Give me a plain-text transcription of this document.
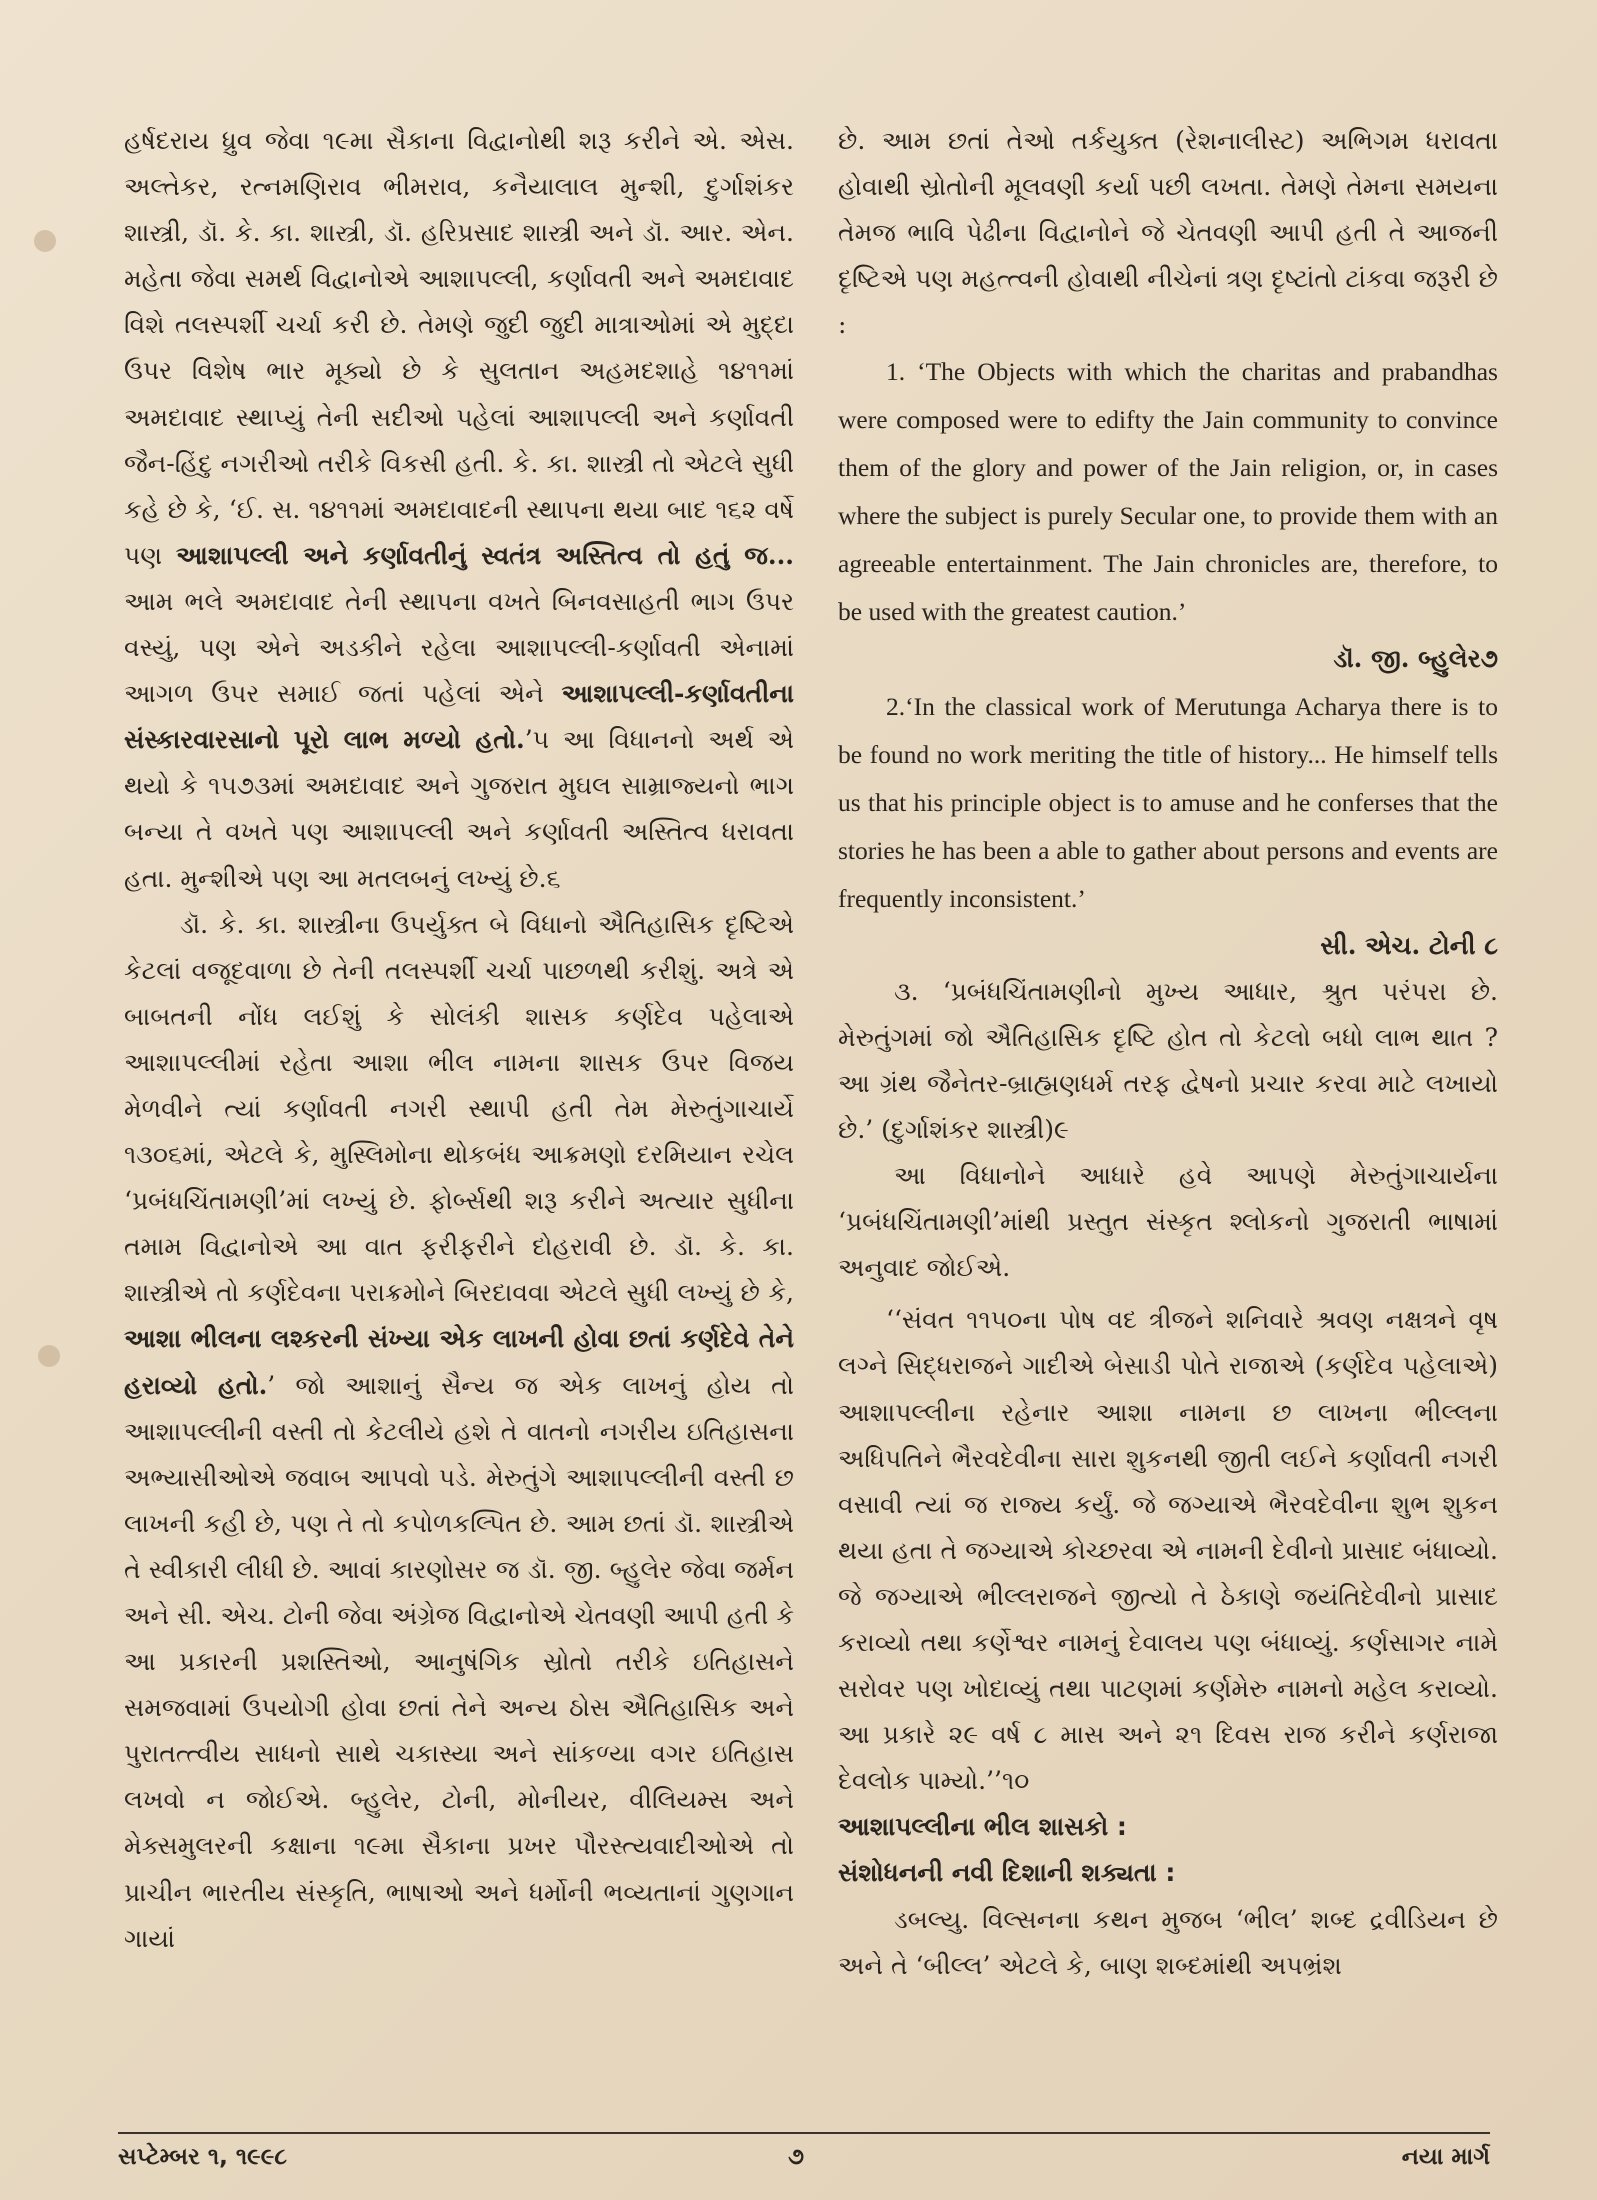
હર્ષદરાય ધ્રુવ જેવા ૧૯મા સૈકાના વિદ્વાનોથી શરૂ કરીને એ. એસ. અલ્તેકર, રત્નમણિરાવ ભીમરાવ, કનૈયાલાલ મુન્શી, દુર્ગાશંકર શાસ્ત્રી, ડૉ. કે. કા. શાસ્ત્રી, ડૉ. હરિપ્રસાદ શાસ્ત્રી અને ડૉ. આર. એન. મહેતા જેવા સમર્થ વિદ્વાનોએ આશાપલ્લી, કર્ણાવતી અને અમદાવાદ વિશે તલસ્પર્શી ચર્ચા કરી છે. તેમણે જુદી જુદી માત્રાઓમાં એ મુદ્દા ઉપર વિશેષ ભાર મૂક્યો છે કે સુલતાન અહમદશાહે ૧૪૧૧માં અમદાવાદ સ્થાપ્યું તેની સદીઓ પહેલાં આશાપલ્લી અને કર્ણાવતી જૈન-હિંદુ નગરીઓ તરીકે વિકસી હતી. કે. કા. શાસ્ત્રી તો એટલે સુધી કહે છે કે, ‘ઈ. સ. ૧૪૧૧માં અમદાવાદની સ્થાપના થયા બાદ ૧૬૨ વર્ષે પણ આશાપલ્લી અને કર્ણાવતીનું સ્વતંત્ર અસ્તિત્વ તો હતું જ... આમ ભલે અમદાવાદ તેની સ્થાપના વખતે બિનવસાહતી ભાગ ઉપર વસ્યું, પણ એને અડકીને રહેલા આશાપલ્લી-કર્ણાવતી એનામાં આગળ ઉપર સમાઈ જતાં પહેલાં એને આશાપલ્લી-કર્ણાવતીના સંસ્કારવારસાનો પૂરો લાભ મળ્યો હતો.’૫ આ વિધાનનો અર્થ એ થયો કે ૧૫૭૩માં અમદાવાદ અને ગુજરાત મુઘલ સામ્રાજ્યનો ભાગ બન્યા તે વખતે પણ આશાપલ્લી અને કર્ણાવતી અસ્તિત્વ ધરાવતા હતા. મુન્શીએ પણ આ મતલબનું લખ્યું છે.૬

ડૉ. કે. કા. શાસ્ત્રીના ઉપર્યુક્ત બે વિધાનો ઐતિહાસિક દૃષ્ટિએ કેટલાં વજૂદવાળા છે તેની તલસ્પર્શી ચર્ચા પાછળથી કરીશું. અત્રે એ બાબતની નોંધ લઈશું કે સોલંકી શાસક કર્ણદેવ પહેલાએ આશાપલ્લીમાં રહેતા આશા ભીલ નામના શાસક ઉપર વિજય મેળવીને ત્યાં કર્ણાવતી નગરી સ્થાપી હતી તેમ મેરુતુંગાચાર્યે ૧૩૦૬માં, એટલે કે, મુસ્લિમોના થોકબંધ આક્રમણો દરમિયાન રચેલ ‘પ્રબંધચિંતામણી’માં લખ્યું છે. ફોર્બ્સથી શરૂ કરીને અત્યાર સુધીના તમામ વિદ્વાનોએ આ વાત ફરીફરીને દોહરાવી છે. ડૉ. કે. કા. શાસ્ત્રીએ તો કર્ણદેવના પરાક્રમોને બિરદાવવા એટલે સુધી લખ્યું છે કે, આશા ભીલના લશ્કરની સંખ્યા એક લાખની હોવા છતાં કર્ણદેવે તેને હરાવ્યો હતો.’ જો આશાનું સૈન્ય જ એક લાખનું હોય તો આશાપલ્લીની વસ્તી તો કેટલીયે હશે તે વાતનો નગરીય ઇતિહાસના અભ્યાસીઓએ જવાબ આપવો પડે. મેરુતુંગે આશાપલ્લીની વસ્તી છ લાખની કહી છે, પણ તે તો કપોળકલ્પિત છે. આમ છતાં ડૉ. શાસ્ત્રીએ તે સ્વીકારી લીધી છે. આવાં કારણોસર જ ડૉ. જી. બ્હુલેર જેવા જર્મન અને સી. એચ. ટોની જેવા અંગ્રેજ વિદ્વાનોએ ચેતવણી આપી હતી કે આ પ્રકારની પ્રશસ્તિઓ, આનુષંગિક સ્રોતો તરીકે ઇતિહાસને સમજવામાં ઉપયોગી હોવા છતાં તેને અન્ય ઠોસ ઐતિહાસિક અને પુરાતત્ત્વીય સાધનો સાથે ચકાસ્યા અને સાંકળ્યા વગર ઇતિહાસ લખવો ન જોઈએ. બ્હુલેર, ટોની, મોનીયર, વીલિયમ્સ અને મેક્સમુલરની કક્ષાના ૧૯મા સૈકાના પ્રખર પૌરસ્ત્યવાદીઓએ તો પ્રાચીન ભારતીય સંસ્કૃતિ, ભાષાઓ અને ધર્મોની ભવ્યતાનાં ગુણગાન ગાયાં

છે. આમ છતાં તેઓ તર્કયુક્ત (રેશનાલીસ્ટ) અભિગમ ધરાવતા હોવાથી સ્રોતોની મૂલવણી કર્યા પછી લખતા. તેમણે તેમના સમયના તેમજ ભાવિ પેઢીના વિદ્વાનોને જે ચેતવણી આપી હતી તે આજની દૃષ્ટિએ પણ મહત્ત્વની હોવાથી નીચેનાં ત્રણ દૃષ્ટાંતો ટાંકવા જરૂરી છે :

1. ‘The Objects with which the charitas and prabandhas were composed were to edifty the Jain community to convince them of the glory and power of the Jain religion, or, in cases where the subject is purely Secular one, to provide them with an agreeable entertainment. The Jain chronicles are, therefore, to be used with the greatest caution.’

ડૉ. જી. બ્હુલેર૭

2.‘In the classical work of Merutunga Acharya there is to be found no work meriting the title of history... He himself tells us that his principle object is to amuse and he conferses that the stories he has been a able to gather about persons and events are frequently inconsistent.’

સી. એચ. ટોની ૮

૩. ‘પ્રબંધચિંતામણીનો મુખ્ય આધાર, શ્રુત પરંપરા છે. મેરુતુંગમાં જો ઐતિહાસિક દૃષ્ટિ હોત તો કેટલો બધો લાભ થાત ? આ ગ્રંથ જૈનેતર-બ્રાહ્મણધર્મ તરફ દ્વેષનો પ્રચાર કરવા માટે લખાયો છે.’ (દુર્ગાશંકર શાસ્ત્રી)૯

આ વિધાનોને આધારે હવે આપણે મેરુતુંગાચાર્યના ‘પ્રબંધચિંતામણી’માંથી પ્રસ્તુત સંસ્કૃત શ્લોકનો ગુજરાતી ભાષામાં અનુવાદ જોઈએ.

‘‘સંવત ૧૧૫૦ના પોષ વદ ત્રીજને શનિવારે શ્રવણ નક્ષત્રને વૃષ લગ્ને સિદ્ધરાજને ગાદીએ બેસાડી પોતે રાજાએ (કર્ણદેવ પહેલાએ) આશાપલ્લીના રહેનાર આશા નામના છ લાખના ભીલ્લના અધિપતિને ભૈરવદેવીના સારા શુકનથી જીતી લઈને કર્ણાવતી નગરી વસાવી ત્યાં જ રાજ્ય કર્યું. જે જગ્યાએ ભૈરવદેવીના શુભ શુકન થયા હતા તે જગ્યાએ કોચ્છરવા એ નામની દેવીનો પ્રાસાદ બંધાવ્યો. જે જગ્યાએ ભીલ્લરાજને જીત્યો તે ઠેકાણે જયંતિદેવીનો પ્રાસાદ કરાવ્યો તથા કર્ણેશ્વર નામનું દેવાલય પણ બંધાવ્યું. કર્ણસાગર નામે સરોવર પણ ખોદાવ્યું તથા પાટણમાં કર્ણમેરુ નામનો મહેલ કરાવ્યો. આ પ્રકારે ૨૯ વર્ષ ૮ માસ અને ૨૧ દિવસ રાજ કરીને કર્ણરાજા દેવલોક પામ્યો.’’૧૦

આશાપલ્લીના ભીલ શાસકો :

સંશોધનની નવી દિશાની શક્યતા :

ડબલ્યુ. વિલ્સનના કથન મુજબ ‘ભીલ’ શબ્દ દ્રવીડિયન છે અને તે ‘બીલ્લ’ એટલે કે, બાણ શબ્દમાંથી અપભ્રંશ

સપ્ટેમ્બર ૧, ૧૯૯૮	૭	નયા માર્ગ
